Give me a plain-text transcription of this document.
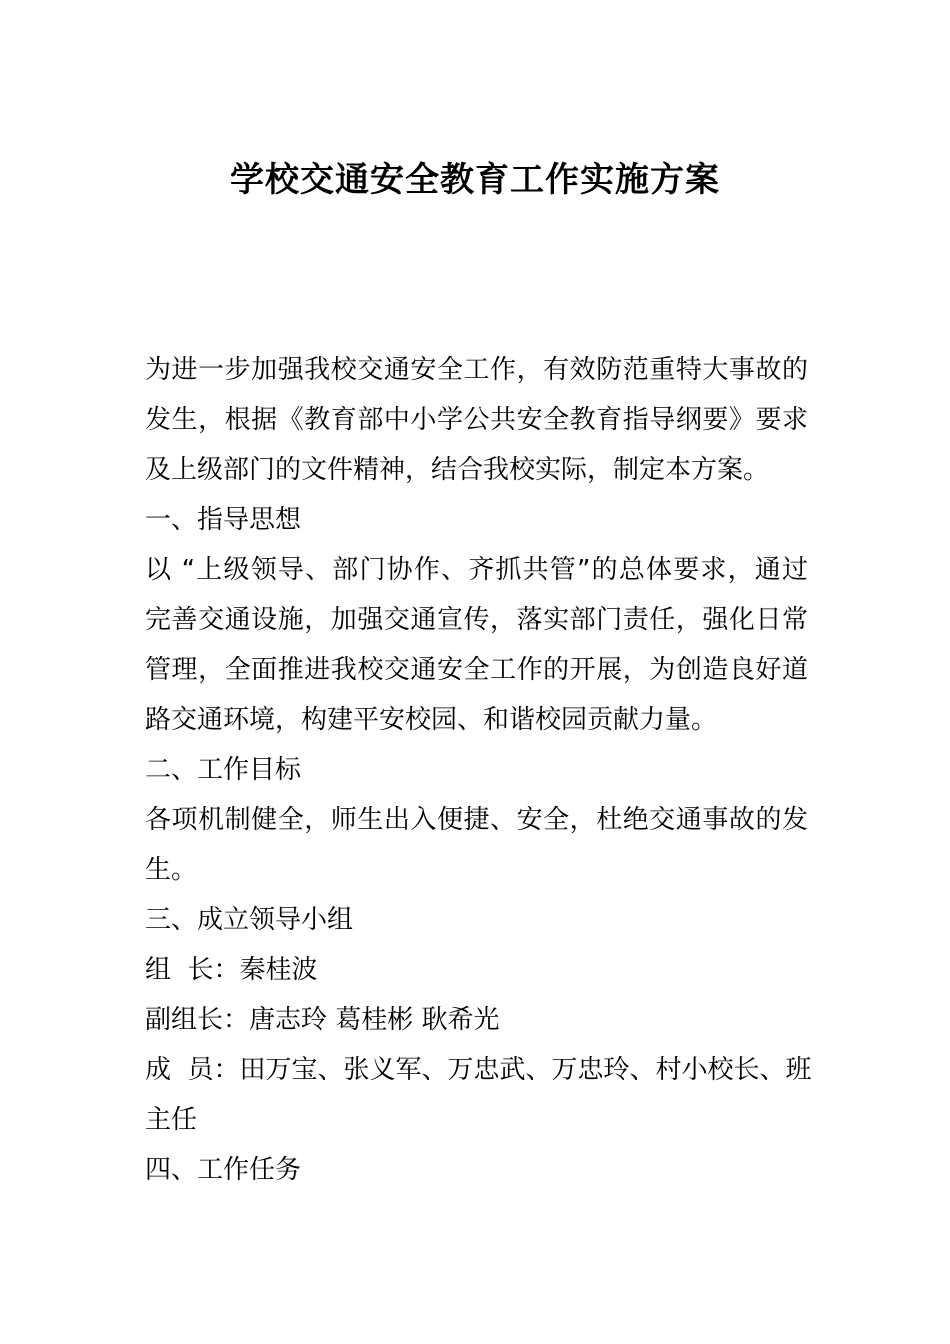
学校交通安全教育工作实施方案
为进一步加强我校交通安全工作，有效防范重特大事故的
发生，根据《教育部中小学公共安全教育指导纲要》要求
及上级部门的文件精神，结合我校实际，制定本方案。
一、指导思想
以 “上级领导、部门协作、齐抓共管”的总体要求，通过
完善交通设施，加强交通宣传，落实部门责任，强化日常
管理，全面推进我校交通安全工作的开展，为创造良好道
路交通环境，构建平安校园、和谐校园贡献力量。
二、工作目标
各项机制健全，师生出入便捷、安全，杜绝交通事故的发
生。
三、成立领导小组
组  长：秦桂波
副组长：唐志玲 葛桂彬 耿希光
成  员：田万宝、张义军、万忠武、万忠玲、村小校长、班
主任
四、工作任务
